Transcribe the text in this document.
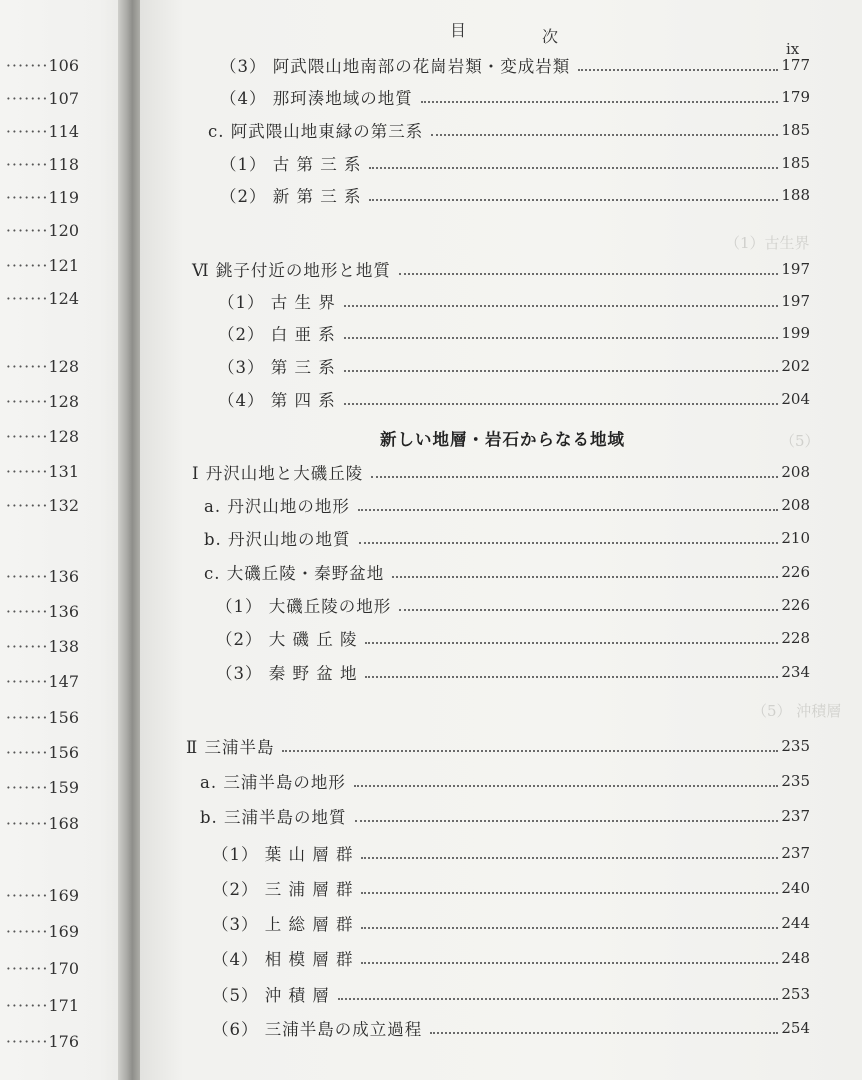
·······106
·······107
·······114
·······118
·······119
·······120
·······121
·······124
·······128
·······128
·······128
·······131
·······132
·······136
·······136
·······138
·······147
·······156
·······156
·······159
·······168
·······169
·······169
·······170
·······171
·······176
目	次
ix
（1）古生界
（5）
（5） 沖積層
（3） 阿武隈山地南部の花崗岩類・変成岩類	177
（4） 那珂湊地域の地質	179
c. 阿武隈山地東縁の第三系	185
（1） 古 第 三 系	185
（2） 新 第 三 系	188
Ⅵ 銚子付近の地形と地質	197
（1） 古 生 界	197
（2） 白 亜 系	199
（3） 第 三 系	202
（4） 第 四 系	204
新しい地層・岩石からなる地域
Ⅰ 丹沢山地と大磯丘陵	208
a. 丹沢山地の地形	208
b. 丹沢山地の地質	210
c. 大磯丘陵・秦野盆地	226
（1） 大磯丘陵の地形	226
（2） 大 磯 丘 陵	228
（3） 秦 野 盆 地	234
Ⅱ 三浦半島	235
a. 三浦半島の地形	235
b. 三浦半島の地質	237
（1） 葉 山 層 群	237
（2） 三 浦 層 群	240
（3） 上 総 層 群	244
（4） 相 模 層 群	248
（5） 沖 積 層	253
（6） 三浦半島の成立過程	254
